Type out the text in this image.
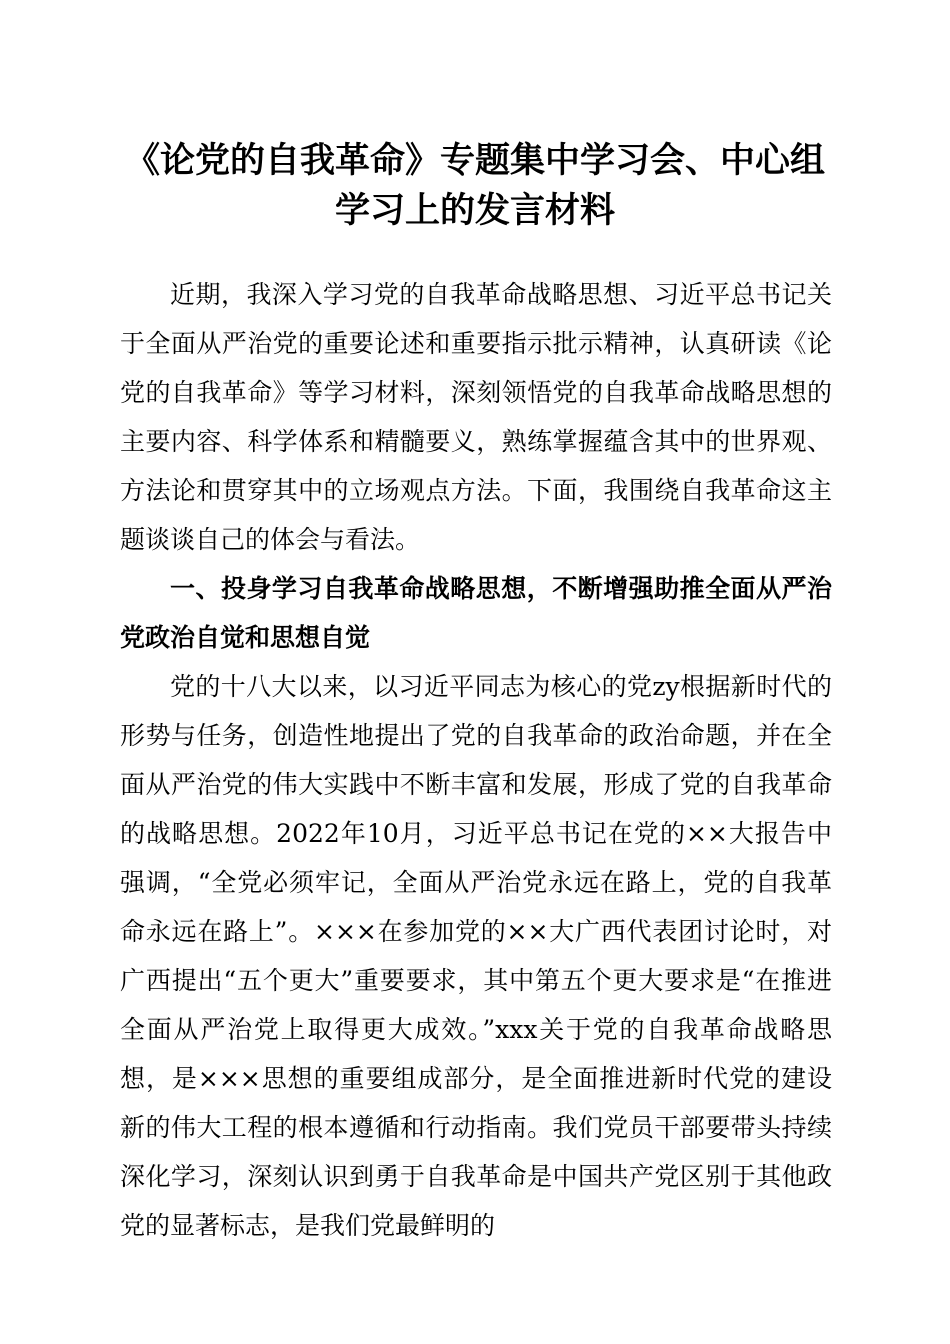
《论党的自我革命》专题集中学习会、中心组
学习上的发言材料

近期，我深入学习党的自我革命战略思想、习近平总书记关于全面从严治党的重要论述和重要指示批示精神，认真研读《论党的自我革命》等学习材料，深刻领悟党的自我革命战略思想的主要内容、科学体系和精髓要义，熟练掌握蕴含其中的世界观、方法论和贯穿其中的立场观点方法。下面，我围绕自我革命这主题谈谈自己的体会与看法。

一、投身学习自我革命战略思想，不断增强助推全面从严治党政治自觉和思想自觉

党的十八大以来，以习近平同志为核心的党zy根据新时代的形势与任务，创造性地提出了党的自我革命的政治命题，并在全面从严治党的伟大实践中不断丰富和发展，形成了党的自我革命的战略思想。2022年10月，习近平总书记在党的××大报告中强调，“全党必须牢记，全面从严治党永远在路上，党的自我革命永远在路上”。×××在参加党的××大广西代表团讨论时，对广西提出“五个更大”重要要求，其中第五个更大要求是“在推进全面从严治党上取得更大成效。”xxx关于党的自我革命战略思想，是×××思想的重要组成部分，是全面推进新时代党的建设新的伟大工程的根本遵循和行动指南。我们党员干部要带头持续深化学习，深刻认识到勇于自我革命是中国共产党区别于其他政党的显著标志，是我们党最鲜明的
